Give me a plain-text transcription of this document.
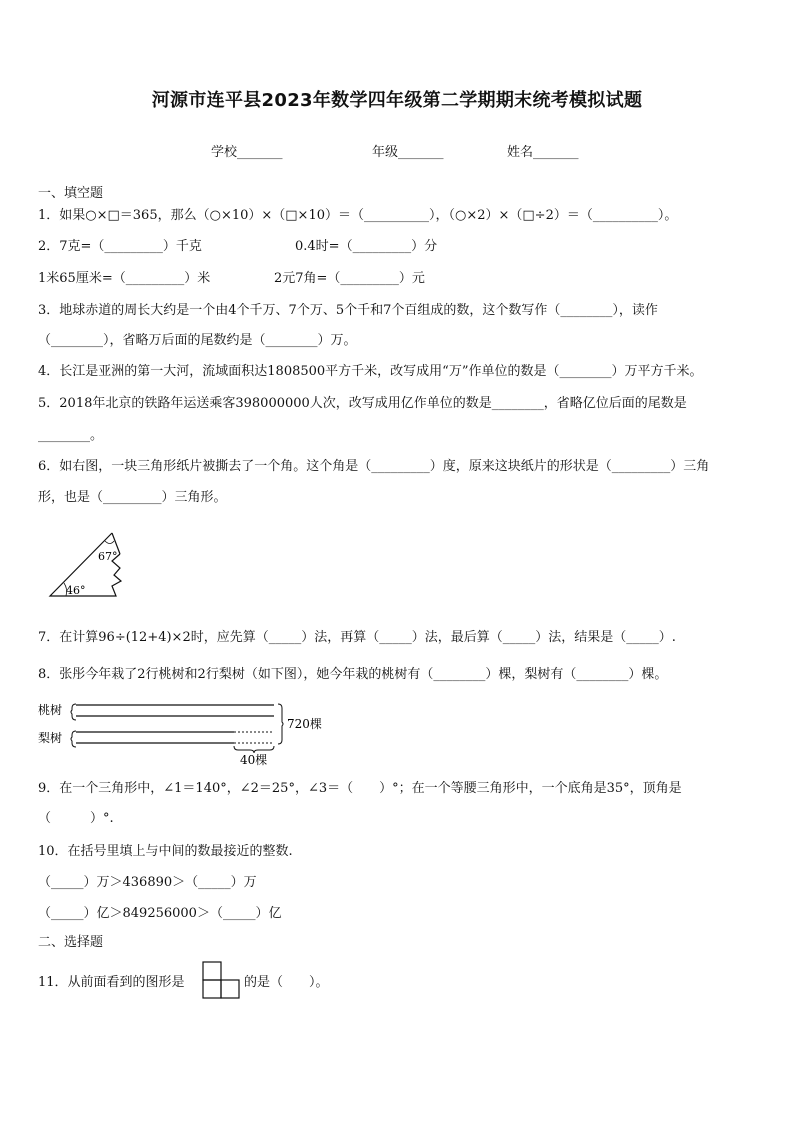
河源市连平县2023年数学四年级第二学期期末统考模拟试题
学校_______	年级_______	姓名_______
一、填空题
1．如果○×□＝365，那么（○×10）×（□×10）＝（__________），（○×2）×（□÷2）＝（__________）。
2．7克=（_________）千克	0.4时=（_________）分
1米65厘米=（_________）米	2元7角=（_________）元
3．地球赤道的周长大约是一个由4个千万、7个万、5个千和7个百组成的数，这个数写作（________），读作
（________），省略万后面的尾数约是（________）万。
4．长江是亚洲的第一大河，流域面积达1808500平方千米，改写成用“万”作单位的数是（________）万平方千米。
5．2018年北京的铁路年运送乘客398000000人次，改写成用亿作单位的数是________，省略亿位后面的尾数是
________。
6．如右图，一块三角形纸片被撕去了一个角。这个角是（_________）度，原来这块纸片的形状是（_________）三角
形，也是（_________）三角形。
67°
46°
7．在计算96÷(12+4)×2时，应先算（_____）法，再算（_____）法，最后算（_____）法，结果是（_____）.
8．张彤今年栽了2行桃树和2行梨树（如下图），她今年栽的桃树有（________）棵，梨树有（________）棵。
桃树
梨树
720棵
40棵
9．在一个三角形中，∠1＝140°，∠2＝25°，∠3＝（　　）°；在一个等腰三角形中，一个底角是35°，顶角是
（　　　）°.
10．在括号里填上与中间的数最接近的整数.
（_____）万＞436890＞（_____）万
（_____）亿＞849256000＞（_____）亿
二、选择题
11．从前面看到的图形是	的是（　　）。
